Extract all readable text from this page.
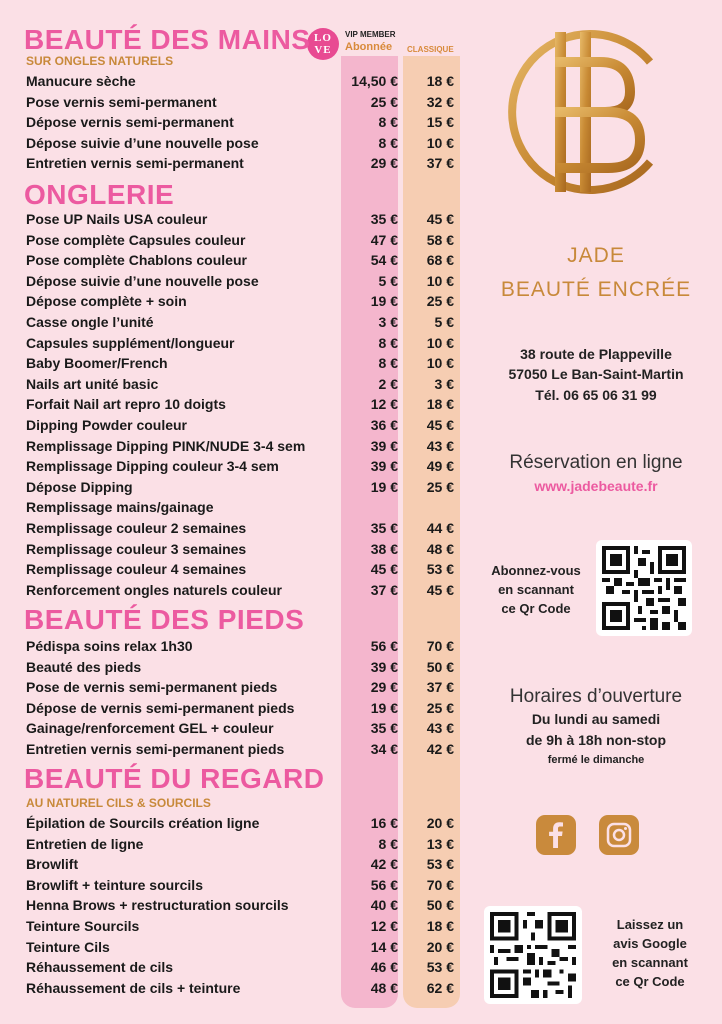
LO
VE
VIP MEMBER
Abonnée CLASSIQUE
BEAUTÉ DES MAINS
SUR ONGLES NATURELS
Manucure sèche	14,50 € 18 €
Pose vernis semi-permanent	25 € 32 €
Dépose vernis semi-permanent	8 € 15 €
Dépose suivie d’une nouvelle pose	8 € 10 €
Entretien vernis semi-permanent	29 € 37 €
ONGLERIE
Pose UP Nails USA couleur	35 € 45 €
Pose complète Capsules couleur	47 € 58 €
Pose complète Chablons couleur	54 € 68 €
Dépose suivie d’une nouvelle pose	5 € 10 €
Dépose complète + soin	19 € 25 €
Casse ongle l’unité	3 €	5 €
Capsules supplément/longueur	8 € 10 €
Baby Boomer/French	8 € 10 €
Nails art unité basic	2 €	3 €
Forfait Nail art repro 10 doigts	12 € 18 €
Dipping Powder couleur	36 € 45 €
Remplissage Dipping PINK/NUDE 3-4 sem	39 € 43 €
Remplissage Dipping couleur 3-4 sem	39 € 49 €
Dépose Dipping	19 € 25 €
Remplissage mains/gainage
Remplissage couleur 2 semaines	35 € 44 €
Remplissage couleur 3 semaines	38 € 48 €
Remplissage couleur 4 semaines	45 € 53 €
Renforcement ongles naturels couleur	37 € 45 €
BEAUTÉ DES PIEDS
Pédispa soins relax 1h30	56 € 70 €
Beauté des pieds	39 € 50 €
Pose de vernis semi-permanent pieds	29 € 37 €
Dépose de vernis semi-permanent pieds	19 € 25 €
Gainage/renforcement GEL + couleur	35 € 43 €
Entretien vernis semi-permanent pieds	34 € 42 €
BEAUTÉ DU REGARD
AU NATUREL CILS & SOURCILS
Épilation de Sourcils création ligne	16 € 20 €
Entretien de ligne	8 € 13 €
Browlift	42 € 53 €
Browlift + teinture sourcils	56 € 70 €
Henna Brows + restructuration sourcils	40 € 50 €
Teinture Sourcils	12 € 18 €
Teinture Cils	14 € 20 €
Réhaussement de cils	46 € 53 €
Réhaussement de cils + teinture	48 € 62 €
JADE
BEAUTÉ ENCRÉE
38 route de Plappeville
57050 Le Ban-Saint-Martin
Tél. 06 65 06 31 99
Réservation en ligne
www.jadebeaute.fr
Abonnez-vous
en scannant
ce Qr Code
Horaires d’ouverture
Du lundi au samedi
de 9h à 18h non-stop
fermé le dimanche
Laissez un
avis Google
en scannant
ce Qr Code
